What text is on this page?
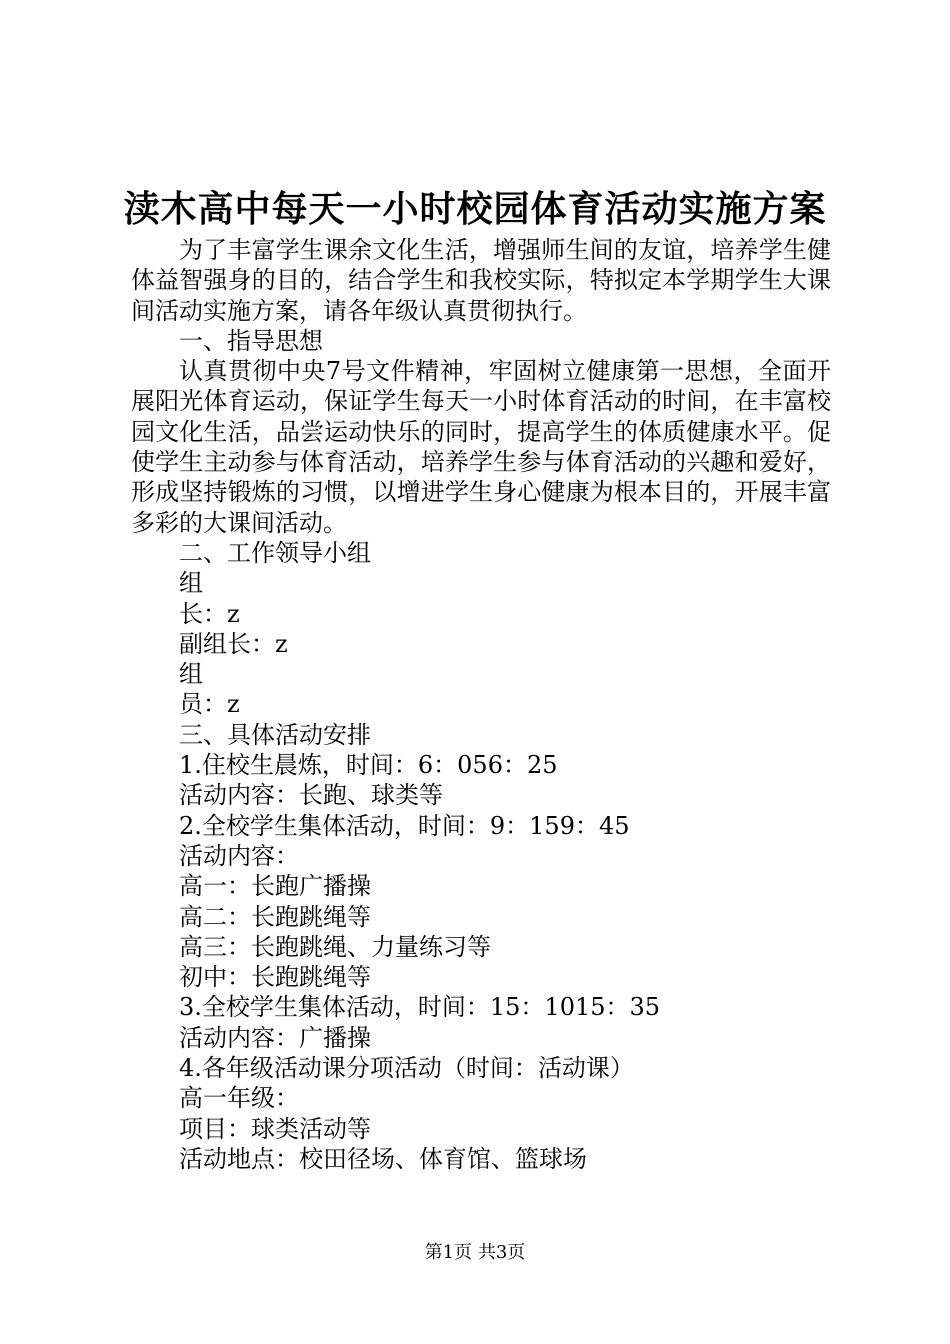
渎木高中每天一小时校园体育活动实施方案

为了丰富学生课余文化生活，增强师生间的友谊，培养学生健体益智强身的目的，结合学生和我校实际，特拟定本学期学生大课间活动实施方案，请各年级认真贯彻执行。

一、指导思想

认真贯彻中央7号文件精神，牢固树立健康第一思想，全面开展阳光体育运动，保证学生每天一小时体育活动的时间，在丰富校园文化生活，品尝运动快乐的同时，提高学生的体质健康水平。促使学生主动参与体育活动，培养学生参与体育活动的兴趣和爱好，形成坚持锻炼的习惯，以增进学生身心健康为根本目的，开展丰富多彩的大课间活动。

二、工作领导小组

组

长：z

副组长：z

组

员：z

三、具体活动安排

1.住校生晨炼，时间：6：056：25

活动内容：长跑、球类等

2.全校学生集体活动，时间：9：159：45

活动内容：

高一：长跑广播操

高二：长跑跳绳等

高三：长跑跳绳、力量练习等

初中：长跑跳绳等

3.全校学生集体活动，时间：15：1015：35

活动内容：广播操

4.各年级活动课分项活动（时间：活动课）

高一年级：

项目：球类活动等

活动地点：校田径场、体育馆、篮球场

第1页 共3页
